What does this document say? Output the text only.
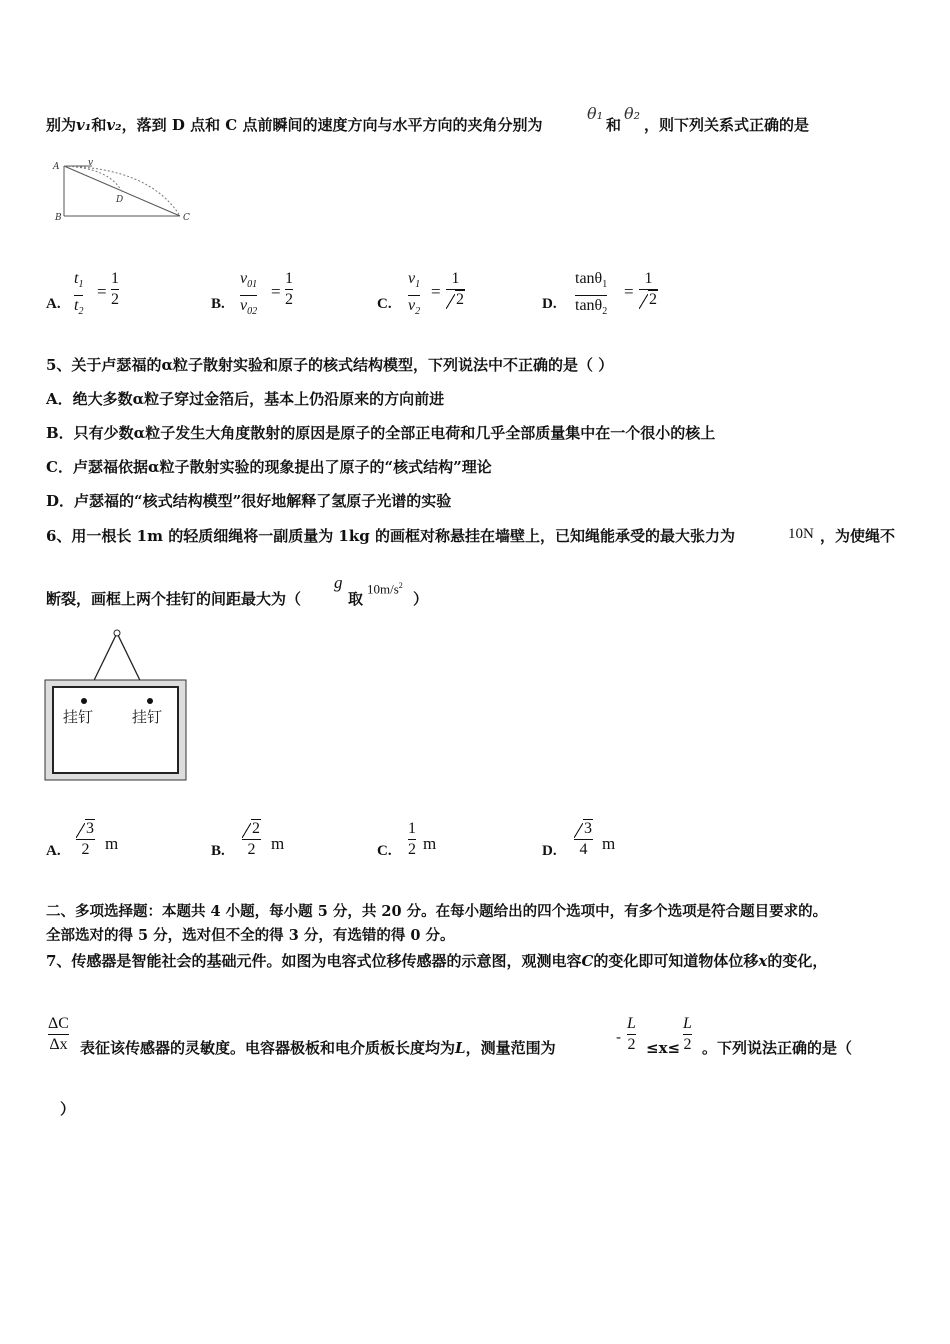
别为v₁和v₂，落到 D 点和 C 点前瞬间的速度方向与水平方向的夹角分别为
θ₁
和
θ₂
，则下列关系式正确的是
A	v
D
B	C
A.
$t_1$
$t_2$
=
1
2	B.
$v_{01}$
$v_{02}$
=
1
2	C.
$v_1$
$v_2$
=
1
2	D.
tanθ$_1$
tanθ$_2$
=
1
2
5、关于卢瑟福的α粒子散射实验和原子的核式结构模型，下列说法中不正确的是（ ）
A．绝大多数α粒子穿过金箔后，基本上仍沿原来的方向前进
B．只有少数α粒子发生大角度散射的原因是原子的全部正电荷和几乎全部质量集中在一个很小的核上
C．卢瑟福依据α粒子散射实验的现象提出了原子的“核式结构”理论
D．卢瑟福的“核式结构模型”很好地解释了氢原子光谱的实验
6、用一根长 1m 的轻质细绳将一副质量为 1kg 的画框对称悬挂在墙壁上，已知绳能承受的最大张力为	10N ，为使绳不
断裂，画框上两个挂钉的间距最大为（
g
取
$10m/s^2$
）
挂钉	挂钉
A.
3
2 m	B.
2
2 m	C.
1
2 m	D.
3
4 m
二、多项选择题：本题共 4 小题，每小题 5 分，共 20 分。在每小题给出的四个选项中，有多个选项是符合题目要求的。
全部选对的得 5 分，选对但不全的得 3 分，有选错的得 0 分。
7、传感器是智能社会的基础元件。如图为电容式位移传感器的示意图，观测电容C的变化即可知道物体位移x的变化，
ΔC
Δx 表征该传感器的灵敏度。电容器极板和电介质板长度均为L，测量范围为
-
L
2 ≤x≤
L
2 。下列说法正确的是（
）
